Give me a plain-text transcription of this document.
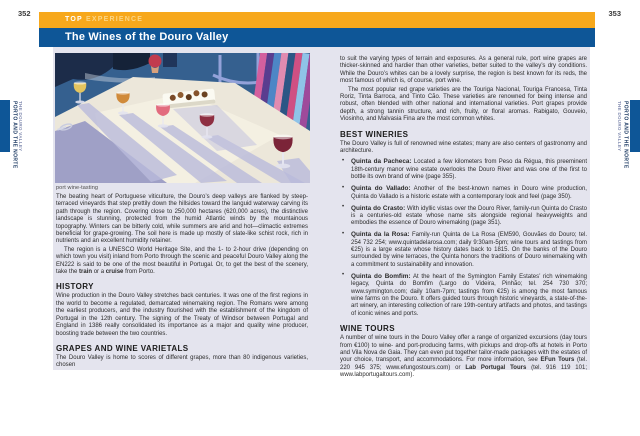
352	353
TOP EXPERIENCE
The Wines of the Douro Valley
THE DOURO VALLEY
PORTO AND THE NORTE	PORTO AND THE NORTE
THE DOURO VALLEY
port wine-tasting

The beating heart of Portuguese viticulture, the Douro’s deep valleys are flanked by steep-terraced vineyards that step prettily down the hillsides toward the languid waterway carving its path through the region. Covering close to 250,000 hectares (620,000 acres), the distinctive landscape is stunning, protected from the humid Atlantic winds by the mountainous topography. Winters can be bitterly cold, while summers are arid and hot—climactic extremes beneficial for grape-growing. The soil here is made up mostly of slate-like schist rock, rich in nutrients and an excellent humidity retainer.

The region is a UNESCO World Heritage Site, and the 1- to 2-hour drive (depending on which town you visit) inland from Porto through the scenic and peaceful Douro Valley along the EN222 is said to be one of the most beautiful in Portugal. Or, to get the best of the scenery, take the train or a cruise from Porto.

HISTORY

Wine production in the Douro Valley stretches back centuries. It was one of the first regions in the world to become a regulated, demarcated winemaking region. The Romans were among the earliest producers, and the industry flourished with the establishment of the kingdom of Portugal in the 12th century. The signing of the Treaty of Windsor between Portugal and England in 1386 really consolidated its importance as a major and quality wine producer, boosting trade between the two countries.

GRAPES AND WINE VARIETALS

The Douro Valley is home to scores of different grapes, more than 80 indigenous varieties, chosen

to suit the varying types of terrain and exposures. As a general rule, port wine grapes are thicker-skinned and hardier than other varieties, better suited to the valley’s dry conditions. While the Douro’s whites can be a lovely surprise, the region is best known for its reds, the most famous of which is, of course, port wine.

The most popular red grape varieties are the Touriga Nacional, Touriga Francesa, Tinta Roriz, Tinta Barroca, and Tinto Cão. These varieties are renowned for being intense and robust, often blended with other national and international varieties. Port grapes provide depth, a strong tannin structure, and rich, fruity, or floral aromas. Rabigato, Gouveio, Viosinho, and Malvasia Fina are the most common whites.

BEST WINERIES

The Douro Valley is full of renowned wine estates; many are also centers of gastronomy and architecture.

• Quinta da Pacheca: Located a few kilometers from Peso da Régua, this preeminent 18th-century manor wine estate overlooks the Douro River and was one of the first to bottle its own brand of wine (page 355).
• Quinta do Vallado: Another of the best-known names in Douro wine production, Quinta do Vallado is a historic estate with a contemporary look and feel (page 350).
• Quinta do Crasto: With idyllic vistas over the Douro River, family-run Quinta do Crasto is a centuries-old estate whose name sits alongside regional heavyweights and embodies the essence of Douro winemaking (page 351).
• Quinta da la Rosa: Family-run Quinta de La Rosa (EM590, Gouvães do Douro; tel. 254 732 254; www.quintadelarosa.com; daily 9:30am-5pm; wine tours and tastings from €25) is a large estate whose history dates back to 1815. On the banks of the Douro surrounded by wine terraces, the Quinta honors the traditions of Douro winemaking with a commitment to sustainability and innovation.
• Quinta do Bomfim: At the heart of the Symington Family Estates’ rich winemaking legacy, Quinta do Bomfim (Largo do Videira, Pinhão; tel. 254 730 370; www.symington.com; daily 10am-7pm; tastings from €25) is among the most famous wine farms on the Douro. It offers guided tours through historic vineyards, a state-of-the-art winery, an interesting collection of rare 19th-century artifacts and photos, and tastings of iconic wines and ports.
WINE TOURS

A number of wine tours in the Douro Valley offer a range of organized excursions (day tours from €100) to wine- and port-producing farms, with pickups and drop-offs at hotels in Porto and Vila Nova de Gaia. They can even put together tailor-made packages with the estates of your choice, transport, and accommodations. For more information, see EFun Tours (tel. 220 945 375; www.efungostours.com) or Lab Portugal Tours (tel. 916 119 101; www.labportugaltours.com).
